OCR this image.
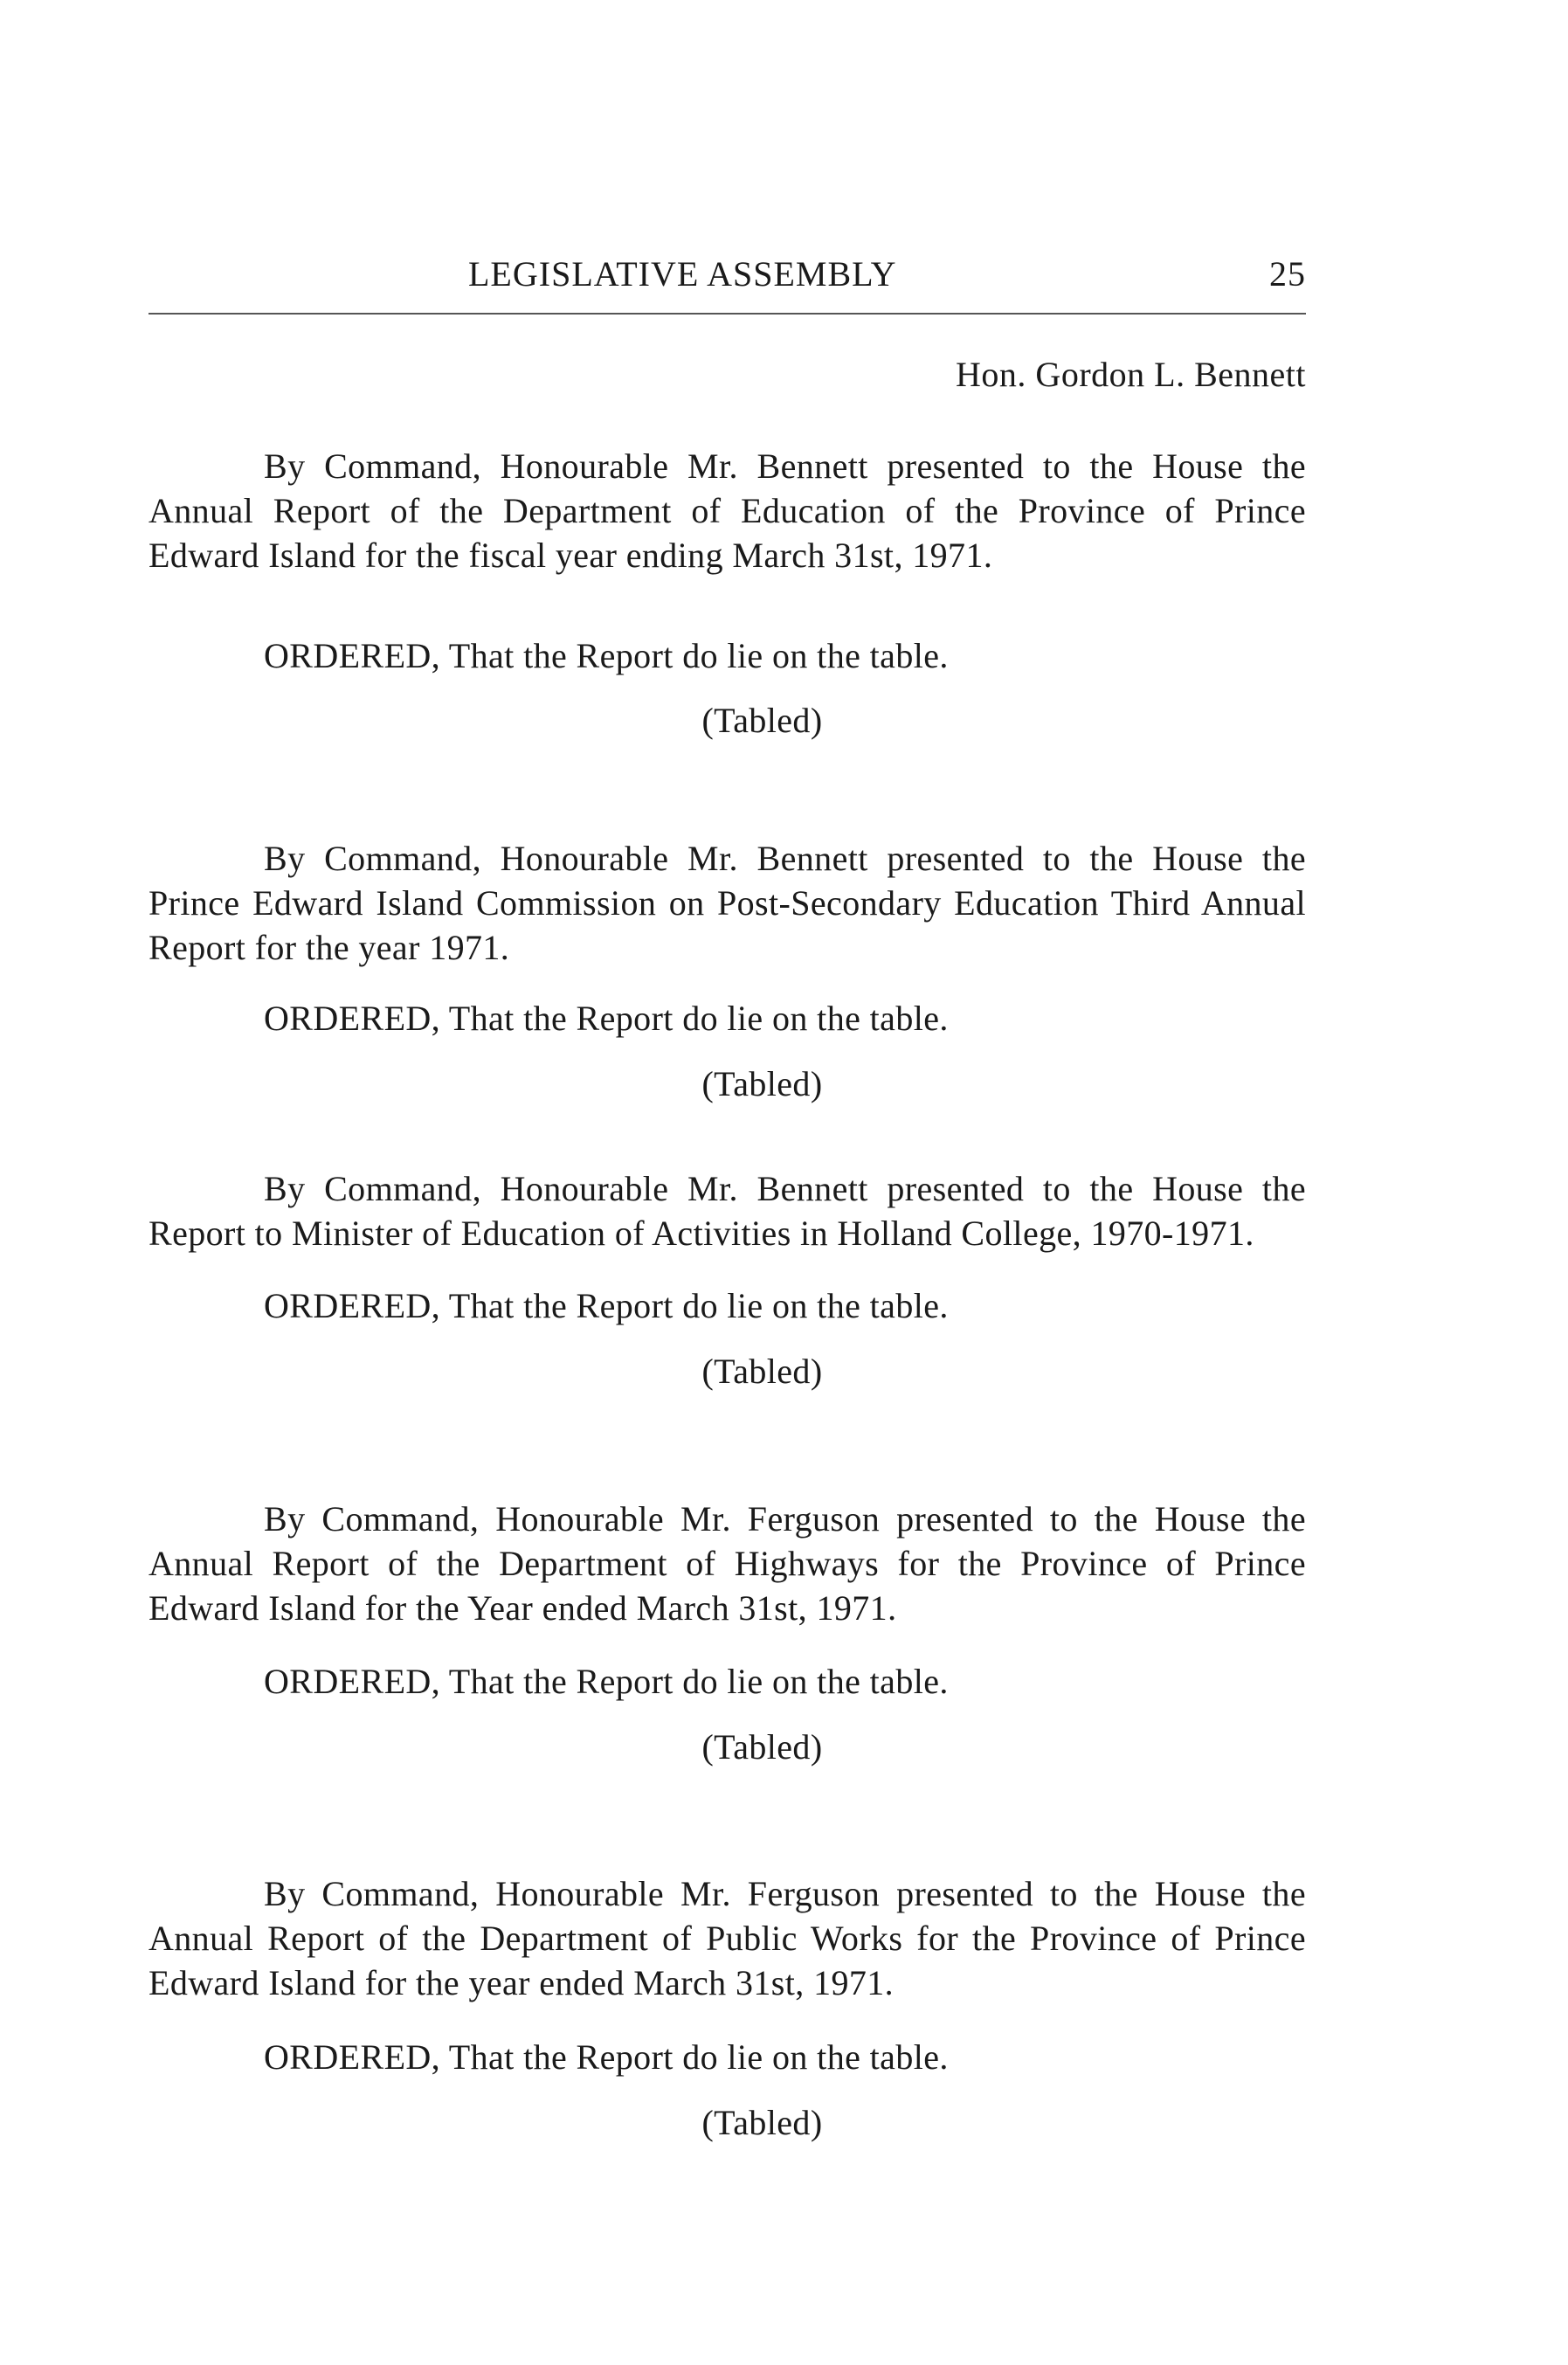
LEGISLATIVE ASSEMBLY	25
Hon. Gordon L. Bennett

By Command, Honourable Mr. Bennett presented to the House the Annual Report of the Department of Education of the Province of Prince Edward Island for the fiscal year ending March 31st, 1971.

ORDERED, That the Report do lie on the table.

(Tabled)

By Command, Honourable Mr. Bennett presented to the House the Prince Edward Island Commission on Post-Secondary Education Third Annual Report for the year 1971.

ORDERED, That the Report do lie on the table.

(Tabled)

By Command, Honourable Mr. Bennett presented to the House the Report to Minister of Education of Activities in Holland College, 1970-1971.

ORDERED, That the Report do lie on the table.

(Tabled)

By Command, Honourable Mr. Ferguson presented to the House the Annual Report of the Department of Highways for the Province of Prince Edward Island for the Year ended March 31st, 1971.

ORDERED, That the Report do lie on the table.

(Tabled)

By Command, Honourable Mr. Ferguson presented to the House the Annual Report of the Department of Public Works for the Province of Prince Edward Island for the year ended March 31st, 1971.

ORDERED, That the Report do lie on the table.

(Tabled)
